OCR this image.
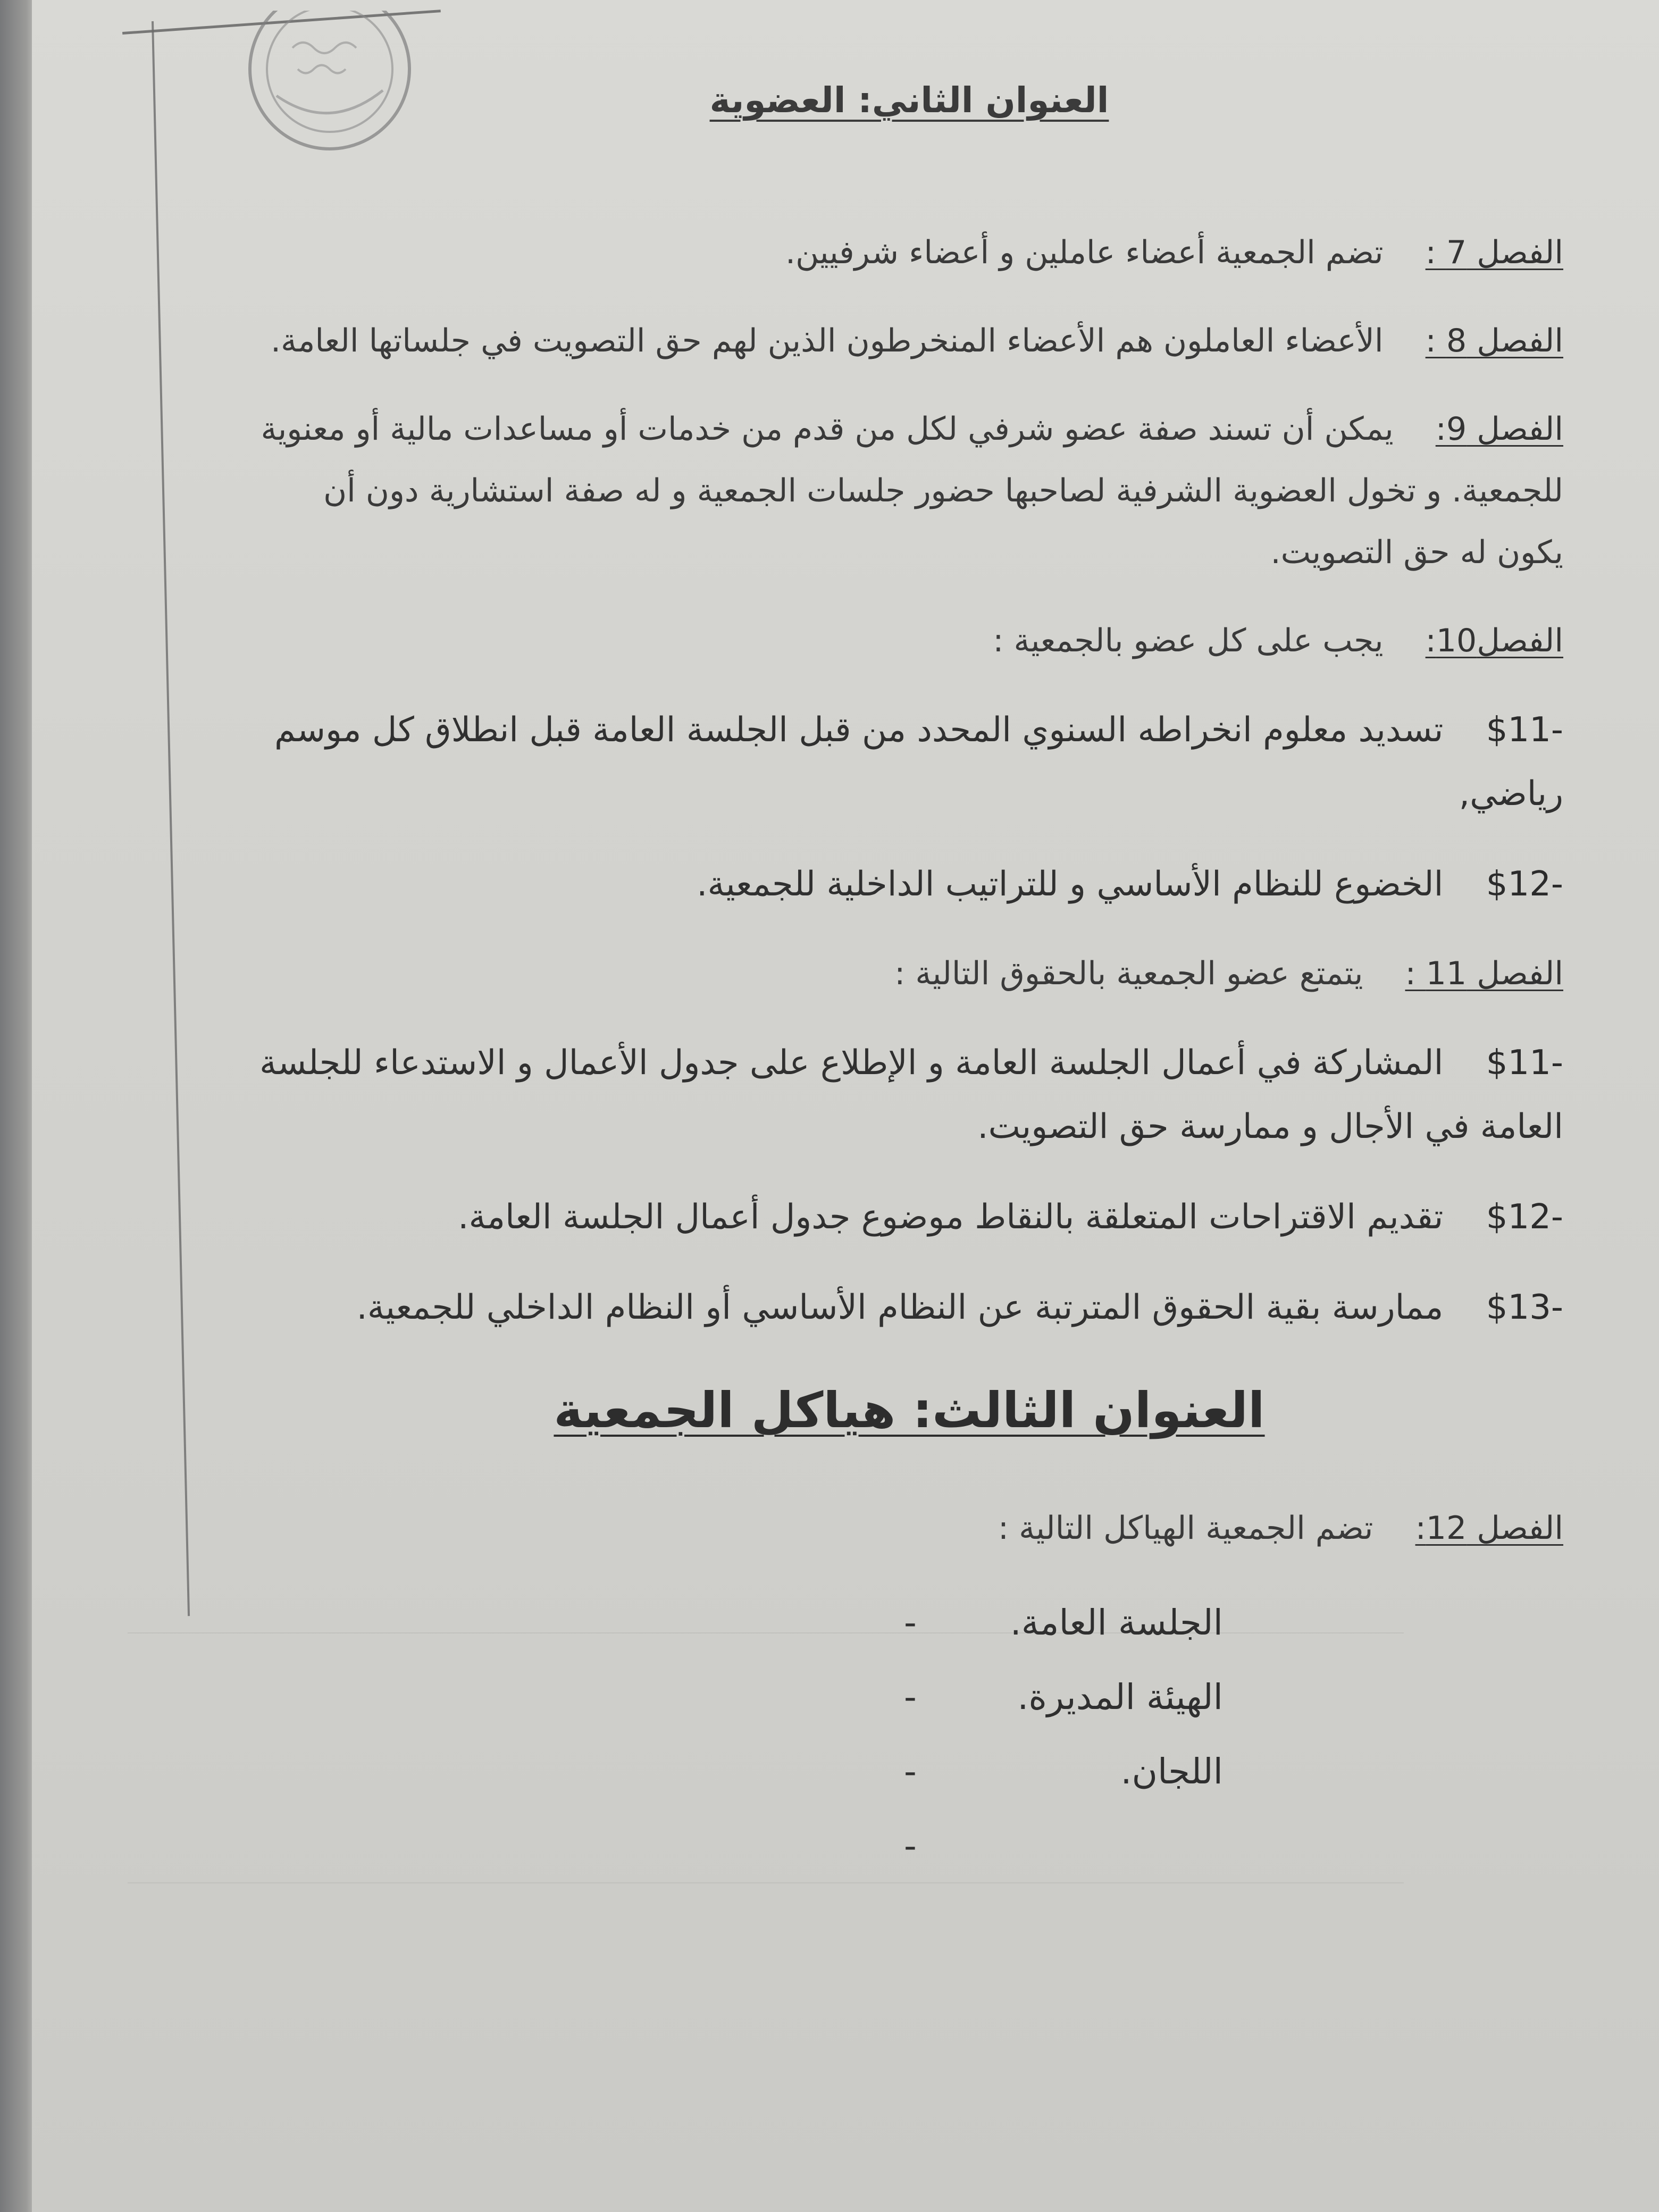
العنوان الثاني: العضوية

الفصل 7 : تضم الجمعية أعضاء عاملين و أعضاء شرفيين.

الفصل 8 : الأعضاء العاملون هم الأعضاء المنخرطون الذين لهم حق التصويت في جلساتها العامة.

الفصل 9: يمكن أن تسند صفة عضو شرفي لكل من قدم من خدمات أو مساعدات مالية أو معنوية للجمعية. و تخول العضوية الشرفية لصاحبها حضور جلسات الجمعية و له صفة استشارية دون أن يكون له حق التصويت.

الفصل10: يجب على كل عضو بالجمعية :

$11- تسديد معلوم انخراطه السنوي المحدد من قبل الجلسة العامة قبل انطلاق كل موسم رياضي,

$12- الخضوع للنظام الأساسي و للتراتيب الداخلية للجمعية.

الفصل 11 : يتمتع عضو الجمعية بالحقوق التالية :

$11- المشاركة في أعمال الجلسة العامة و الإطلاع على جدول الأعمال و الاستدعاء للجلسة العامة في الأجال و ممارسة حق التصويت.

$12- تقديم الاقتراحات المتعلقة بالنقاط موضوع جدول أعمال الجلسة العامة.

$13- ممارسة بقية الحقوق المترتبة عن النظام الأساسي أو النظام الداخلي للجمعية.

العنوان الثالث: هياكل الجمعية

الفصل 12: تضم الجمعية الهياكل التالية :

الجلسة العامة.
-
الهيئة المديرة.
-
اللجان.
-
-
